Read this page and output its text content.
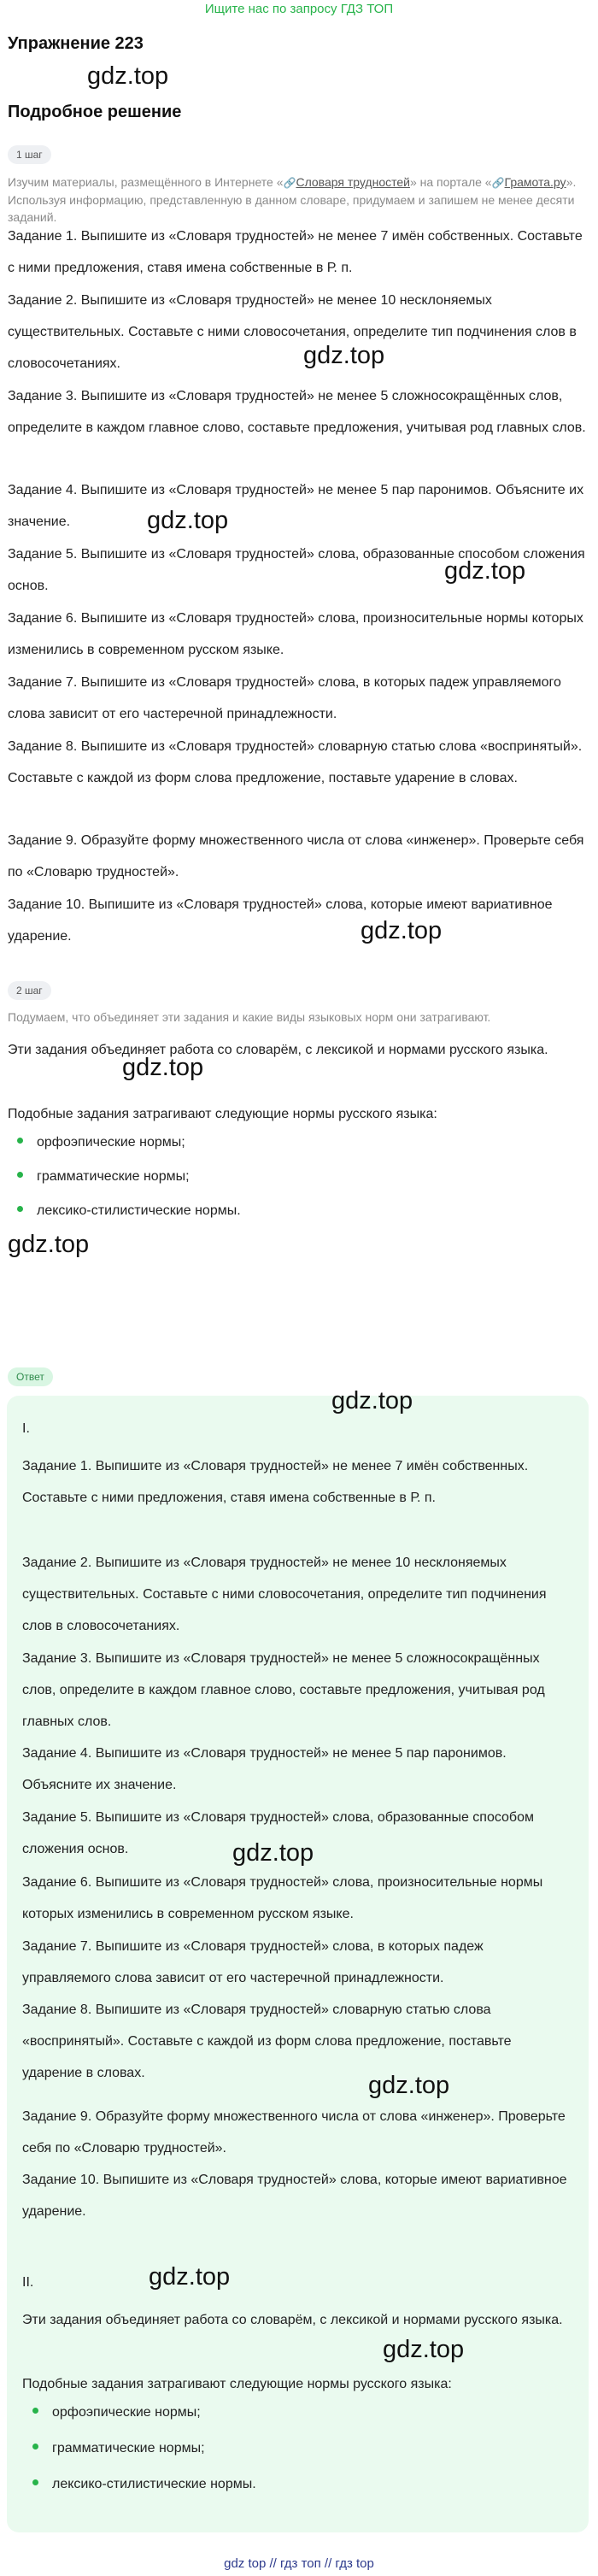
Ищите нас по запросу ГДЗ ТОП
Упражнение 223
gdz.top
Подробное решение
1 шаг
Изучим материалы, размещённого в Интернете «🔗Словаря трудностей» на портале «🔗Грамота.ру». Используя информацию, представленную в данном словаре, придумаем и запишем не менее десяти заданий.
Задание 1. Выпишите из «Словаря трудностей» не менее 7 имён собственных. Составьте с ними предложения, ставя имена собственные в Р. п.
Задание 2. Выпишите из «Словаря трудностей» не менее 10 несклоняемых существительных. Составьте с ними словосочетания, определите тип подчинения слов в словосочетаниях.	gdz.top
Задание 3. Выпишите из «Словаря трудностей» не менее 5 сложносокращённых слов, определите в каждом главное слово, составьте предложения, учитывая род главных слов.
Задание 4. Выпишите из «Словаря трудностей» не менее 5 пар паронимов. Объясните их значение.	gdz.top
Задание 5. Выпишите из «Словаря трудностей» слова, образованные способом сложения основ.
gdz.top
Задание 6. Выпишите из «Словаря трудностей» слова, произносительные нормы которых изменились в современном русском языке.
Задание 7. Выпишите из «Словаря трудностей» слова, в которых падеж управляемого слова зависит от его частеречной принадлежности.
Задание 8. Выпишите из «Словаря трудностей» словарную статью слова «воспринятый». Составьте с каждой из форм слова предложение, поставьте ударение в словах.
Задание 9. Образуйте форму множественного числа от слова «инженер». Проверьте себя по «Словарю трудностей».
Задание 10. Выпишите из «Словаря трудностей» слова, которые имеют вариативное ударение.	gdz.top
2 шаг
Подумаем, что объединяет эти задания и какие виды языковых норм они затрагивают.
Эти задания объединяет работа со словарём, с лексикой и нормами русского языка.
gdz.top
Подобные задания затрагивают следующие нормы русского языка:
орфоэпические нормы;
грамматические нормы;
лексико-стилистические нормы.
gdz.top
Ответ
gdz.top
I.
Задание 1. Выпишите из «Словаря трудностей» не менее 7 имён собственных. Составьте с ними предложения, ставя имена собственные в Р. п.
Задание 2. Выпишите из «Словаря трудностей» не менее 10 несклоняемых существительных. Составьте с ними словосочетания, определите тип подчинения слов в словосочетаниях.
Задание 3. Выпишите из «Словаря трудностей» не менее 5 сложносокращённых слов, определите в каждом главное слово, составьте предложения, учитывая род главных слов.
Задание 4. Выпишите из «Словаря трудностей» не менее 5 пар паронимов. Объясните их значение.
Задание 5. Выпишите из «Словаря трудностей» слова, образованные способом сложения основ.	gdz.top
Задание 6. Выпишите из «Словаря трудностей» слова, произносительные нормы которых изменились в современном русском языке.
Задание 7. Выпишите из «Словаря трудностей» слова, в которых падеж управляемого слова зависит от его частеречной принадлежности.
Задание 8. Выпишите из «Словаря трудностей» словарную статью слова «воспринятый». Составьте с каждой из форм слова предложение, поставьте ударение в словах.	gdz.top
Задание 9. Образуйте форму множественного числа от слова «инженер». Проверьте себя по «Словарю трудностей».
Задание 10. Выпишите из «Словаря трудностей» слова, которые имеют вариативное ударение.
gdz.top
II.
Эти задания объединяет работа со словарём, с лексикой и нормами русского языка.
gdz.top
Подобные задания затрагивают следующие нормы русского языка:
орфоэпические нормы;
грамматические нормы;
лексико-стилистические нормы.
gdz top // гдз топ // гдз top
